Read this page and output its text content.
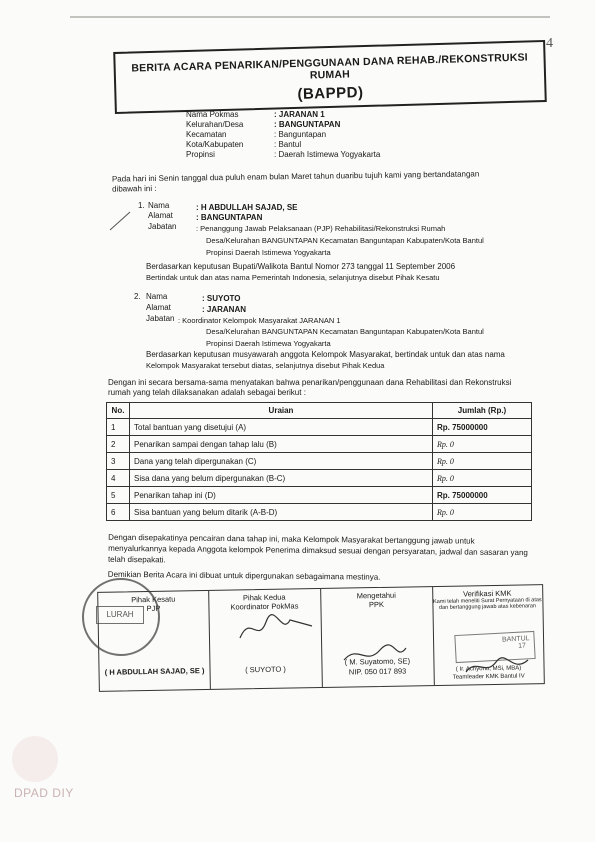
4
BERITA ACARA PENARIKAN/PENGGUNAAN DANA REHAB./REKONSTRUKSI RUMAH
(BAPPD)
Nama Pokmas	: JARANAN 1
Kelurahan/Desa	: BANGUNTAPAN
Kecamatan	: Banguntapan
Kota/Kabupaten	: Bantul
Propinsi	: Daerah Istimewa Yogyakarta
Pada hari ini Senin tanggal dua puluh enam bulan Maret tahun duaribu tujuh kami yang bertandatangan
dibawah ini :
1. Nama	: H ABDULLAH SAJAD, SE
Alamat	: BANGUNTAPAN
Jabatan	: Penanggung Jawab Pelaksanaan (PJP) Rehabilitasi/Rekonstruksi Rumah
Desa/Kelurahan BANGUNTAPAN Kecamatan Banguntapan Kabupaten/Kota Bantul
Propinsi Daerah Istimewa Yogyakarta
Berdasarkan keputusan Bupati/Walikota Bantul Nomor 273 tanggal 11 September 2006
Bertindak untuk dan atas nama Pemerintah Indonesia, selanjutnya disebut Pihak Kesatu
2. Nama	: SUYOTO
Alamat	: JARANAN
Jabatan : Koordinator Kelompok Masyarakat JARANAN 1
Desa/Kelurahan BANGUNTAPAN Kecamatan Banguntapan Kabupaten/Kota Bantul
Propinsi Daerah Istimewa Yogyakarta
Berdasarkan keputusan musyawarah anggota Kelompok Masyarakat, bertindak untuk dan atas nama
Kelompok Masyarakat tersebut diatas, selanjutnya disebut Pihak Kedua
Dengan ini secara bersama-sama menyatakan bahwa penarikan/penggunaan dana Rehabilitasi dan Rekonstruksi
rumah yang telah dilaksanakan adalah sebagai berikut :
No.	Uraian	Jumlah (Rp.)
1	Total bantuan yang disetujui (A)	Rp. 75000000
2	Penarikan sampai dengan tahap lalu (B)	Rp. 0
3	Dana yang telah dipergunakan (C)	Rp. 0
4	Sisa dana yang belum dipergunakan (B-C)	Rp. 0
5	Penarikan tahap ini (D)	Rp. 75000000
6	Sisa bantuan yang belum ditarik (A-B-D)	Rp. 0
Dengan disepakatinya pencairan dana tahap ini, maka Kelompok Masyarakat bertanggung jawab untuk
menyalurkannya kepada Anggota kelompok Penerima dimaksud sesuai dengan persyaratan, jadwal dan sasaran yang
telah disepakati.
Demikian Berita Acara ini dibuat untuk dipergunakan sebagaimana mestinya.
Pihak Kesatu
PJP
( H ABDULLAH SAJAD, SE )
Pihak Kedua
Koordinator PokMas
( SUYOTO )
Mengetahui
PPK
( M. Suyatomo, SE)
NIP. 050 017 893
Verifikasi KMK
Kami telah meneliti Surat Pernyataan di atas
dan bertanggung jawab atas kebenaran
( Ir. Achyono, MSi, MBA)
Teamleader KMK Bantul IV
LURAH
BANTUL
17
DPAD DIY
